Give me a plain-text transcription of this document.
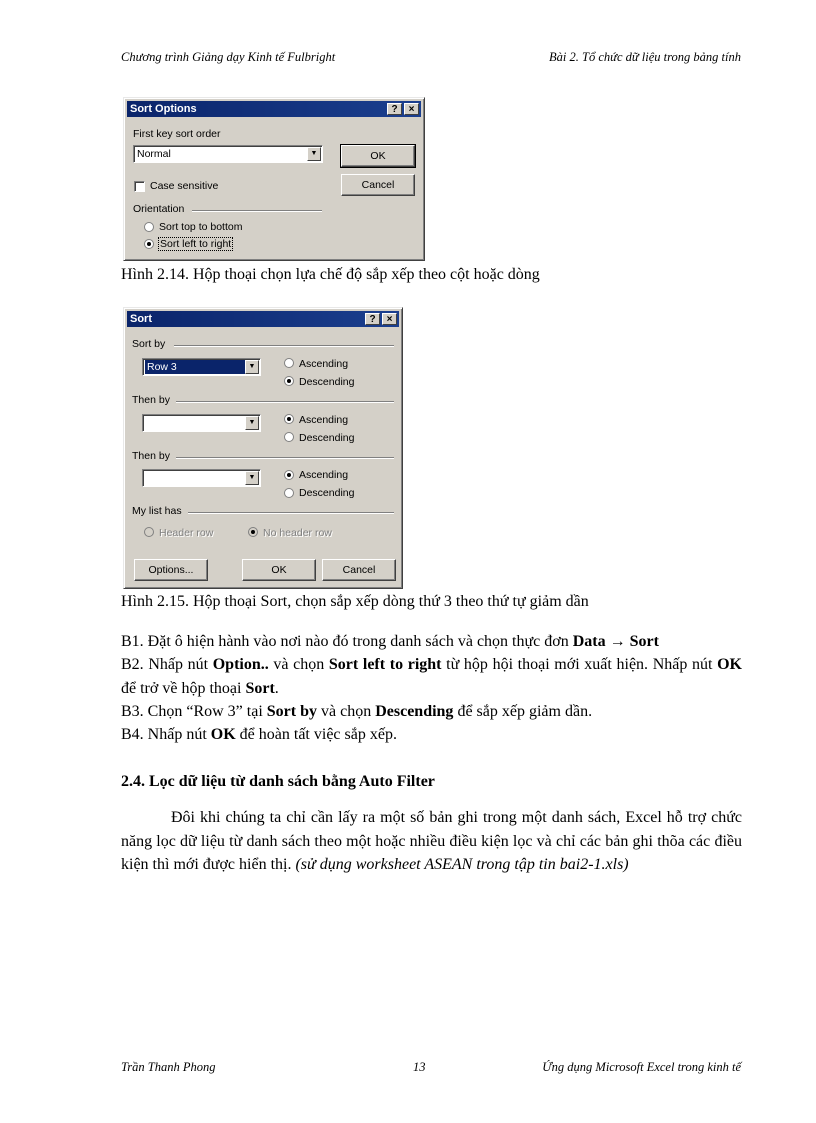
Chương trình Giảng dạy Kinh tế Fulbright	Bài 2. Tổ chức dữ liệu trong bảng tính
Sort Options	?	×
First key sort order
Normal	▼	OK
Cancel
Case sensitive
Orientation
Sort top to bottom
Sort left to right
Hình 2.14. Hộp thoại chọn lựa chế độ sắp xếp theo cột hoặc dòng
Sort	?	×
Sort by
Row 3	▼	Ascending
Descending
Then by
▼	Ascending
Descending
Then by
▼	Ascending
Descending
My list has
Header row	No header row
Options...	OK	Cancel
Hình 2.15. Hộp thoại Sort, chọn sắp xếp dòng thứ 3 theo thứ tự giảm dần
B1. Đặt ô hiện hành vào nơi nào đó trong danh sách và chọn thực đơn Data → Sort
B2. Nhấp nút Option.. và chọn Sort left to right từ hộp hội thoại mới xuất hiện. Nhấp nút OK để trở về hộp thoại Sort.
B3. Chọn “Row 3” tại Sort by và chọn Descending để sắp xếp giảm dần.
B4. Nhấp nút OK để hoàn tất việc sắp xếp.
2.4. Lọc dữ liệu từ danh sách bằng Auto Filter
Đôi khi chúng ta chỉ cần lấy ra một số bản ghi trong một danh sách, Excel hỗ trợ chức năng lọc dữ liệu từ danh sách theo một hoặc nhiều điều kiện lọc và chỉ các bản ghi thõa các điều kiện thì mới được hiển thị. (sử dụng worksheet ASEAN trong tập tin bai2-1.xls)
Trần Thanh Phong	13	Ứng dụng Microsoft Excel trong kinh tế
